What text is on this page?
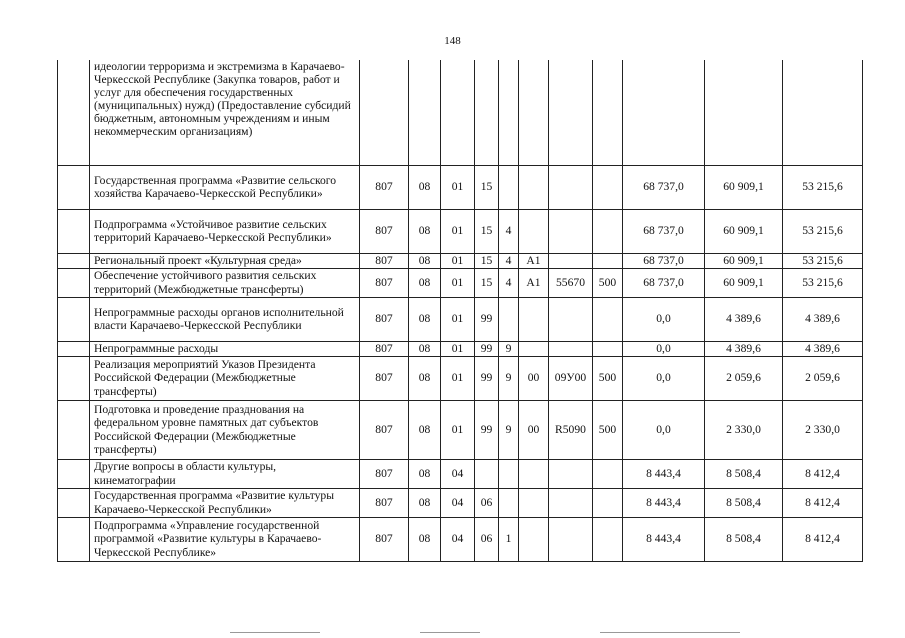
148
	идеологии терроризма и экстремизма в Карачаево-Черкесской Республике (Закупка товаров, работ и услуг для обеспечения государственных (муниципальных) нужд) (Предоставление субсидий бюджетным, автономным учреждениям и иным некоммерческим организациям)											
	Государственная программа «Развитие сельского хозяйства Карачаево-Черкесской Республики»	807	08	01	15					68 737,0	60 909,1	53 215,6
	Подпрограмма «Устойчивое развитие сельских территорий Карачаево-Черкесской Республики»	807	08	01	15	4				68 737,0	60 909,1	53 215,6
	Региональный проект «Культурная среда»	807	08	01	15	4	A1			68 737,0	60 909,1	53 215,6
	Обеспечение устойчивого развития сельских территорий (Межбюджетные трансферты)	807	08	01	15	4	A1	55670	500	68 737,0	60 909,1	53 215,6
	Непрограммные расходы органов исполнительной власти Карачаево-Черкесской Республики	807	08	01	99					0,0	4 389,6	4 389,6
	Непрограммные расходы	807	08	01	99	9				0,0	4 389,6	4 389,6
	Реализация мероприятий Указов Президента Российской Федерации (Межбюджетные трансферты)	807	08	01	99	9	00	09У00	500	0,0	2 059,6	2 059,6
	Подготовка и проведение празднования на федеральном уровне памятных дат субъектов Российской Федерации (Межбюджетные трансферты)	807	08	01	99	9	00	R5090	500	0,0	2 330,0	2 330,0
	Другие вопросы в области культуры, кинематографии	807	08	04						8 443,4	8 508,4	8 412,4
	Государственная программа «Развитие культуры Карачаево-Черкесской Республики»	807	08	04	06					8 443,4	8 508,4	8 412,4
	Подпрограмма «Управление государственной программой «Развитие культуры в Карачаево-Черкесской Республике»	807	08	04	06	1				8 443,4	8 508,4	8 412,4
